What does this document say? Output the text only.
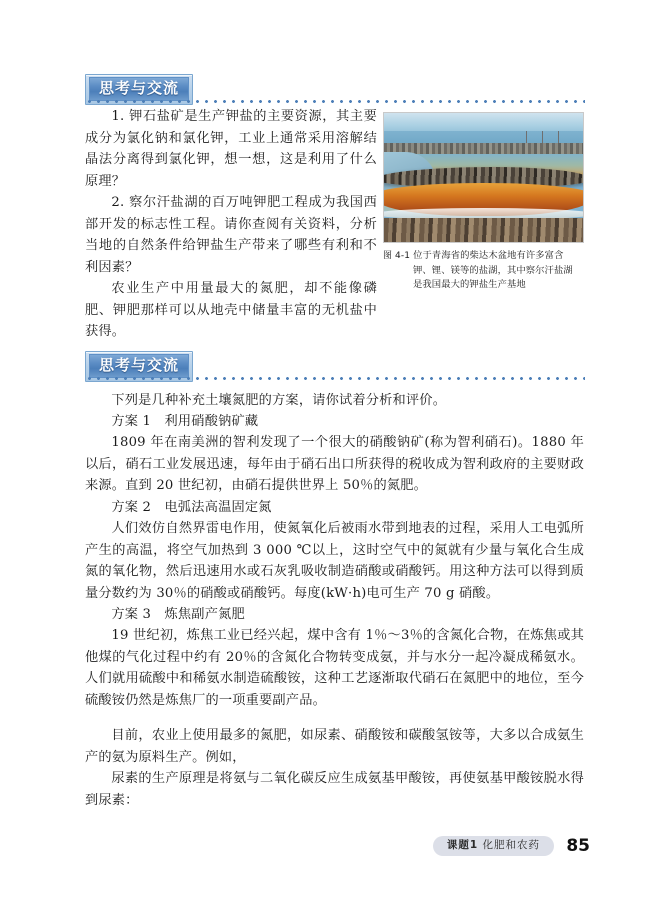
思考与交流
1. 钾石盐矿是生产钾盐的主要资源，其主要成分为氯化钠和氯化钾，工业上通常采用溶解结晶法分离得到氯化钾，想一想，这是利用了什么原理？
2. 察尔汗盐湖的百万吨钾肥工程成为我国西部开发的标志性工程。请你查阅有关资料，分析当地的自然条件给钾盐生产带来了哪些有利和不利因素？
农业生产中用量最大的氮肥，却不能像磷肥、钾肥那样可以从地壳中储量丰富的无机盐中获得。
图 4-1 位于青海省的柴达木盆地有许多富含
钾、锂、镁等的盐湖，其中察尔汗盐湖
是我国最大的钾盐生产基地
思考与交流
下列是几种补充土壤氮肥的方案，请你试着分析和评价。
方案 1　利用硝酸钠矿藏
1809 年在南美洲的智利发现了一个很大的硝酸钠矿(称为智利硝石)。1880 年以后，硝石工业发展迅速，每年由于硝石出口所获得的税收成为智利政府的主要财政来源。直到 20 世纪初，由硝石提供世界上 50％的氮肥。
方案 2　电弧法高温固定氮
人们效仿自然界雷电作用，使氮氧化后被雨水带到地表的过程，采用人工电弧所产生的高温，将空气加热到 3 000 ℃以上，这时空气中的氮就有少量与氧化合生成氮的氧化物，然后迅速用水或石灰乳吸收制造硝酸或硝酸钙。用这种方法可以得到质量分数约为 30％的硝酸或硝酸钙。每度(kW·h)电可生产 70 g 硝酸。
方案 3　炼焦副产氮肥
19 世纪初，炼焦工业已经兴起，煤中含有 1％～3％的含氮化合物，在炼焦或其他煤的气化过程中约有 20％的含氮化合物转变成氨，并与水分一起冷凝成稀氨水。人们就用硫酸中和稀氨水制造硫酸铵，这种工艺逐渐取代硝石在氮肥中的地位，至今硫酸铵仍然是炼焦厂的一项重要副产品。
目前，农业上使用最多的氮肥，如尿素、硝酸铵和碳酸氢铵等，大多以合成氨生产的氨为原料生产。例如，
尿素的生产原理是将氨与二氧化碳反应生成氨基甲酸铵，再使氨基甲酸铵脱水得到尿素：
课题1 化肥和农药	85
